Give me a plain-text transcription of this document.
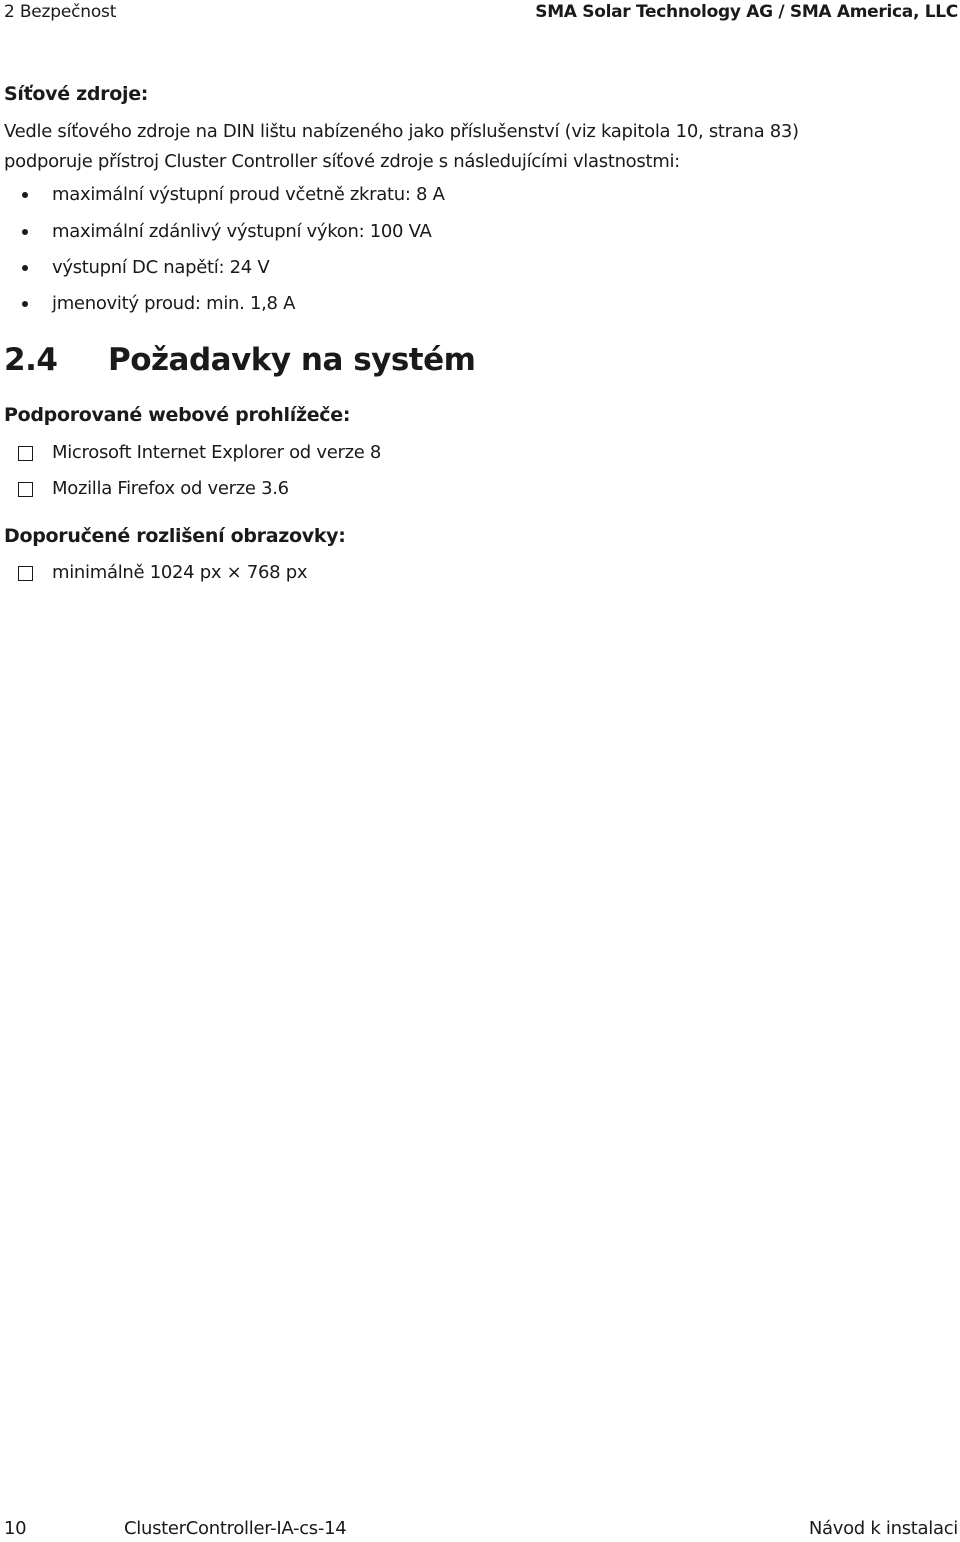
2 Bezpečnost	SMA Solar Technology AG / SMA America, LLC
Síťové zdroje:
Vedle síťového zdroje na DIN lištu nabízeného jako příslušenství (viz kapitola 10, strana 83)
podporuje přístroj Cluster Controller síťové zdroje s následujícími vlastnostmi:
maximální výstupní proud včetně zkratu: 8 A
maximální zdánlivý výstupní výkon: 100 VA
výstupní DC napětí: 24 V
jmenovitý proud: min. 1,8 A
2.4 Požadavky na systém
Podporované webové prohlížeče:
Microsoft Internet Explorer od verze 8
Mozilla Firefox od verze 3.6
Doporučené rozlišení obrazovky:
minimálně 1024 px × 768 px
10	ClusterController-IA-cs-14	Návod k instalaci
